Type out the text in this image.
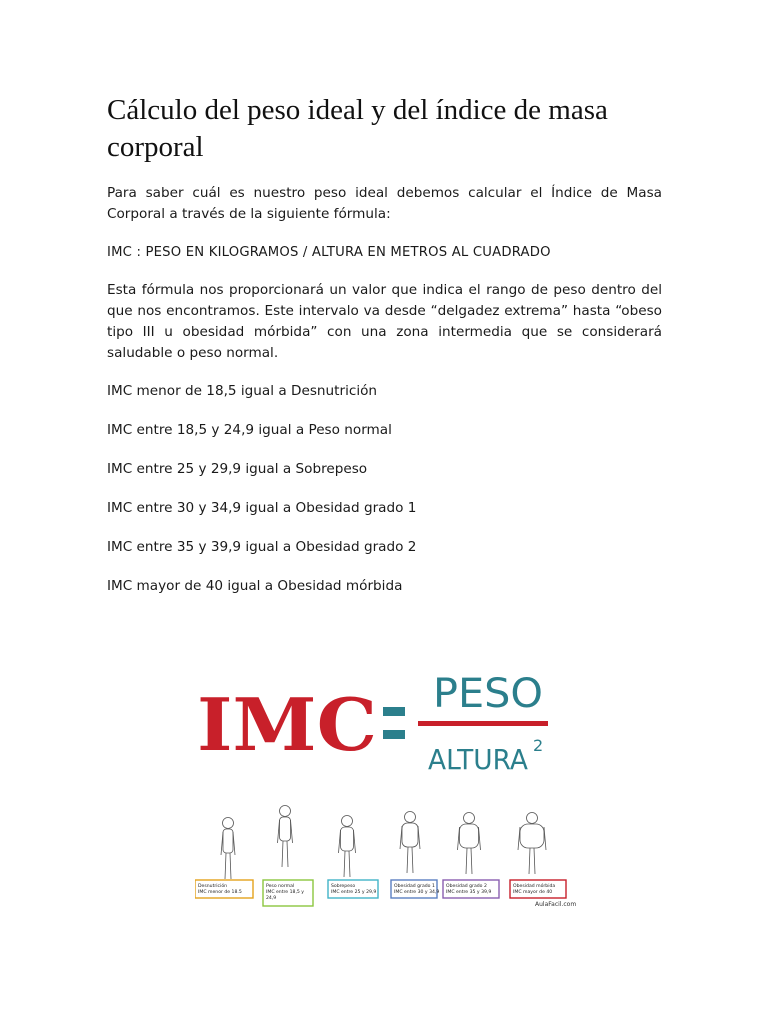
Cálculo del peso ideal y del índice de masa corporal

Para saber cuál es nuestro peso ideal debemos calcular el Índice de Masa Corporal a través de la siguiente fórmula:

IMC : PESO EN KILOGRAMOS / ALTURA EN METROS AL CUADRADO

Esta fórmula nos proporcionará un valor que indica el rango de peso dentro del que nos encontramos. Este intervalo va desde “delgadez extrema” hasta “obeso tipo III u obesidad mórbida” con una zona intermedia que se considerará saludable o peso normal.

IMC menor de 18,5 igual a Desnutrición

IMC entre 18,5 y 24,9 igual a Peso normal

IMC entre 25 y 29,9 igual a Sobrepeso

IMC entre 30 y 34,9 igual a Obesidad grado 1

IMC entre 35 y 39,9 igual a Obesidad grado 2

IMC mayor de 40 igual a Obesidad mórbida

IMC PESO
ALTURA 2
Desnutrición
IMC menor de 18.5
Peso normal
IMC entre 18,5 y
24,9
Sobrepeso
IMC entre 25 y 29,9
Obesidad grado 1
IMC entre 30 y 34,9
Obesidad grado 2
IMC entre 35 y 39,9
Obesidad mórbida
IMC mayor de 40
AulaFacil.com
